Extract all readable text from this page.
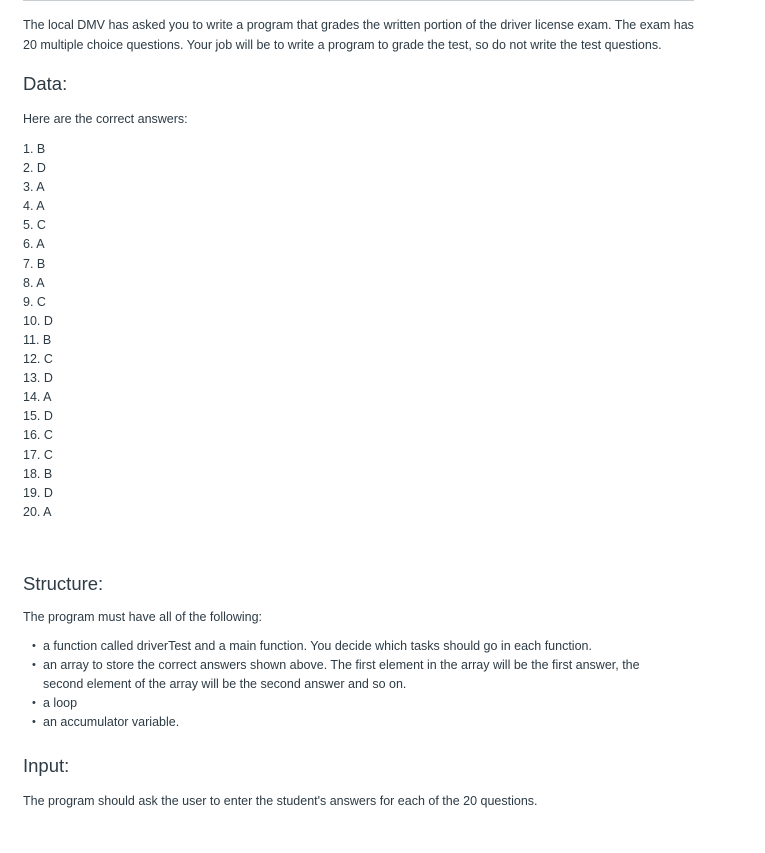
The local DMV has asked you to write a program that grades the written portion of the driver license exam. The exam has 20 multiple choice questions. Your job will be to write a program to grade the test, so do not write the test questions.

Data:

Here are the correct answers:

1. B
2. D
3. A
4. A
5. C
6. A
7. B
8. A
9. C
10. D
11. B
12. C
13. D
14. A
15. D
16. C
17. C
18. B
19. D
20. A
Structure:

The program must have all of the following:

• a function called driverTest and a main function. You decide which tasks should go in each function.
• an array to store the correct answers shown above. The first element in the array will be the first answer, the second element of the array will be the second answer and so on.
• a loop
• an accumulator variable.
Input:

The program should ask the user to enter the student's answers for each of the 20 questions.
